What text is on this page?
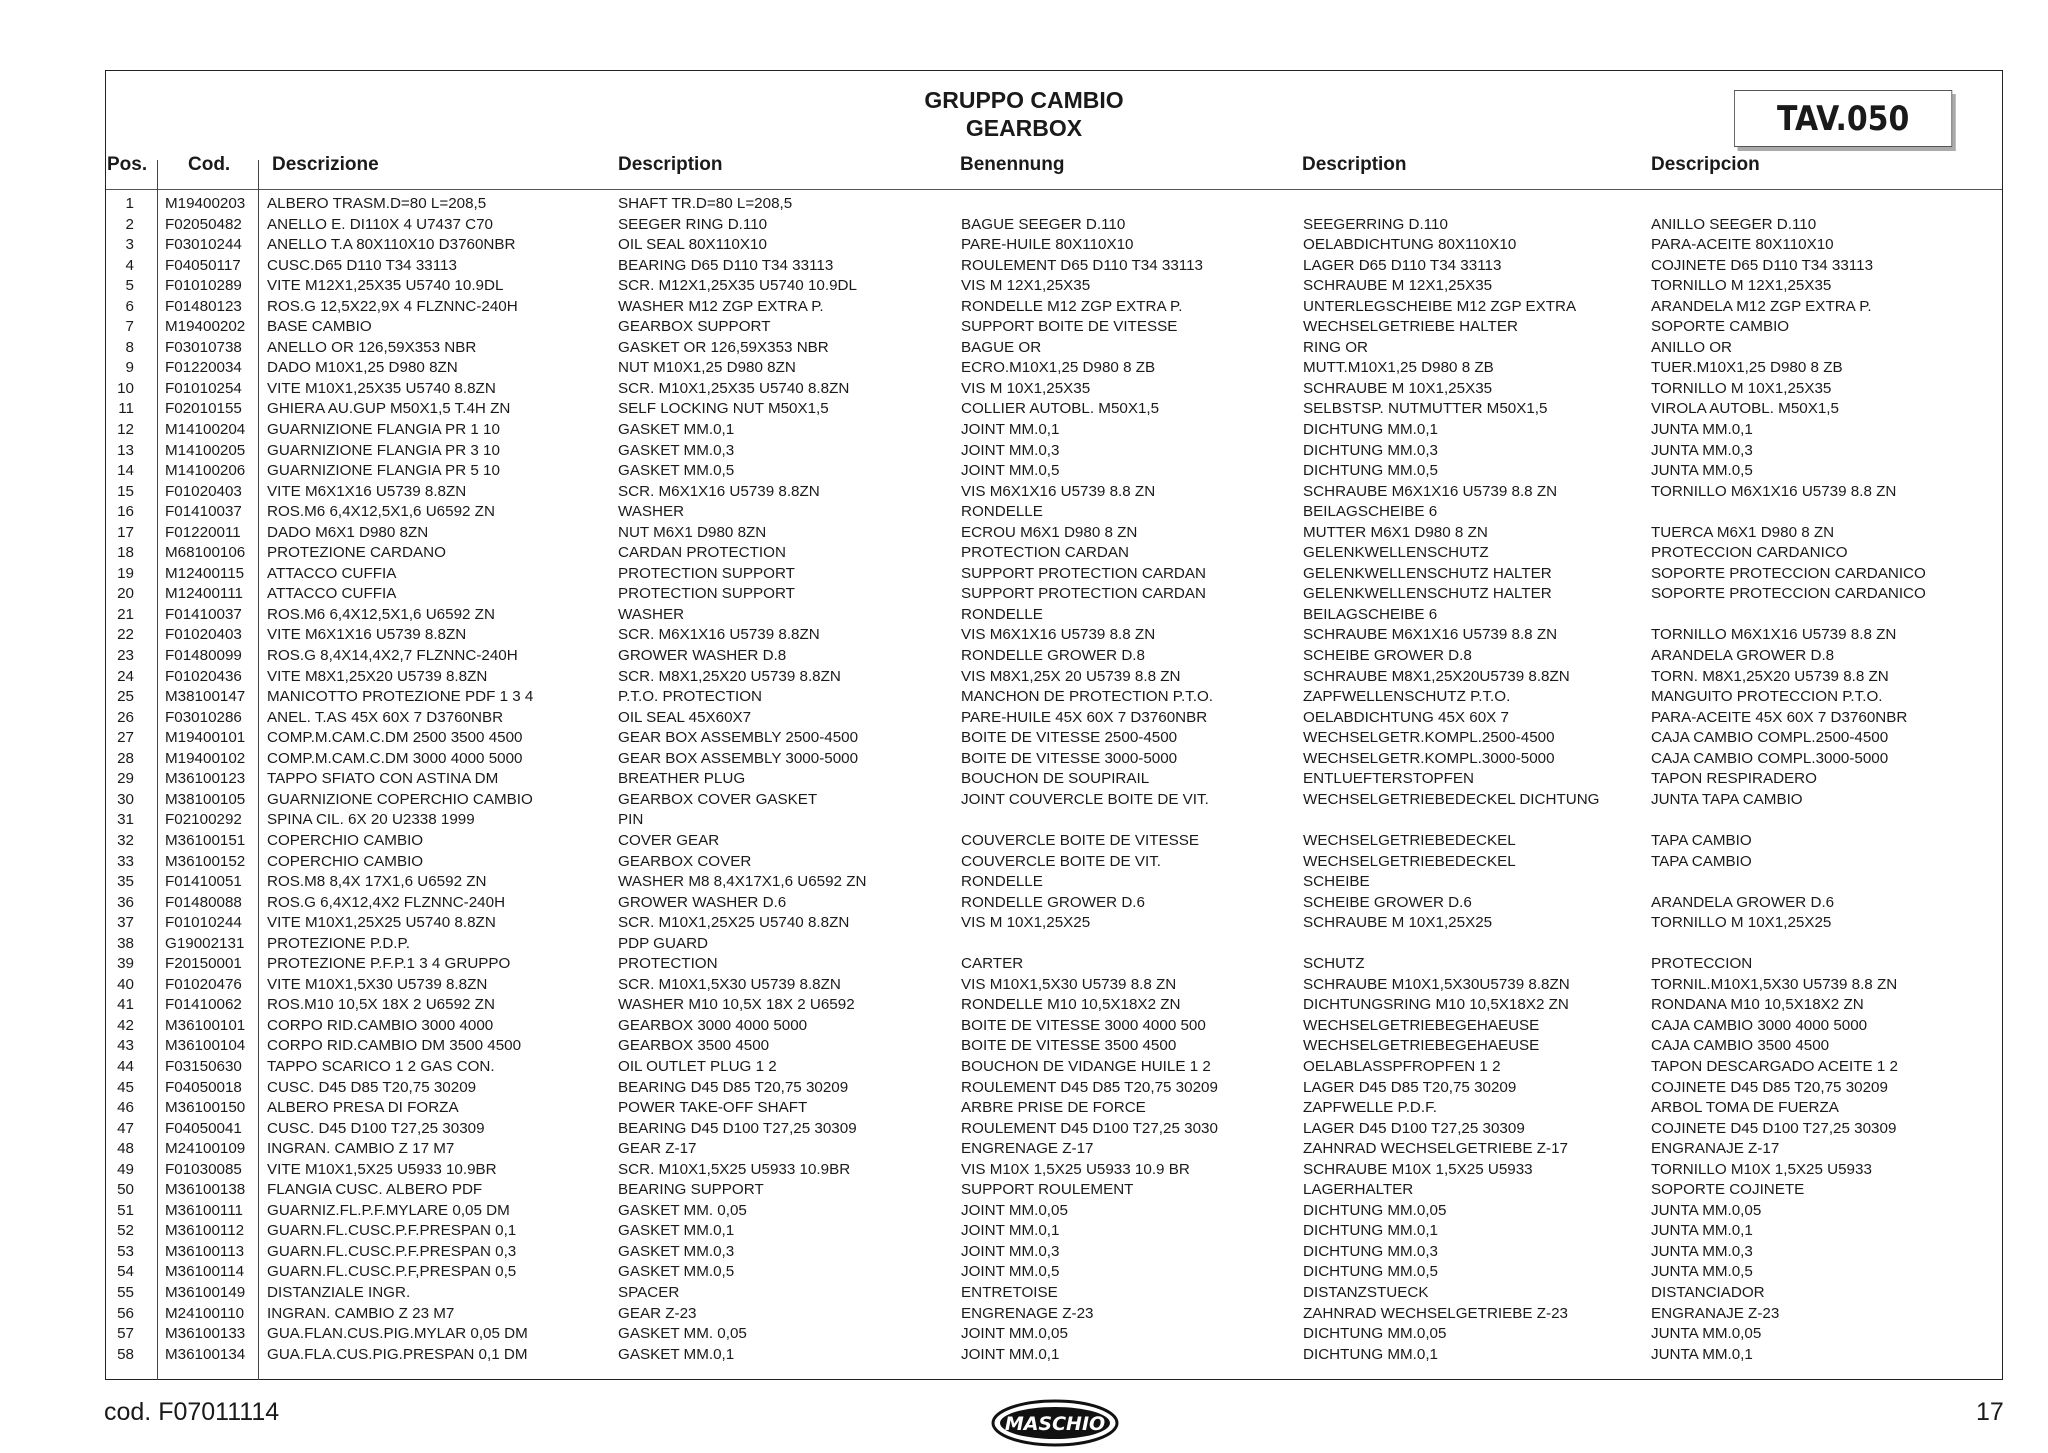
GRUPPO CAMBIO
GEARBOX	TAV.050
Pos. Cod. Descrizione	Description	Benennung	Description	Descripcion
1 M19400203 ALBERO TRASM.D=80 L=208,5	SHAFT TR.D=80 L=208,5
2 F02050482 ANELLO E. DI110X 4 U7437 C70	SEEGER RING D.110	BAGUE SEEGER D.110	SEEGERRING D.110	ANILLO SEEGER D.110
3 F03010244 ANELLO T.A 80X110X10 D3760NBR	OIL SEAL 80X110X10	PARE-HUILE 80X110X10	OELABDICHTUNG 80X110X10	PARA-ACEITE 80X110X10
4 F04050117 CUSC.D65 D110 T34 33113	BEARING D65 D110 T34 33113	ROULEMENT D65 D110 T34 33113	LAGER D65 D110 T34 33113	COJINETE D65 D110 T34 33113
5 F01010289 VITE M12X1,25X35 U5740 10.9DL	SCR. M12X1,25X35 U5740 10.9DL	VIS M 12X1,25X35	SCHRAUBE M 12X1,25X35	TORNILLO M 12X1,25X35
6 F01480123 ROS.G 12,5X22,9X 4 FLZNNC-240H	WASHER M12 ZGP EXTRA P.	RONDELLE M12 ZGP EXTRA P.	UNTERLEGSCHEIBE M12 ZGP EXTRA	ARANDELA M12 ZGP EXTRA P.
7 M19400202 BASE CAMBIO	GEARBOX SUPPORT	SUPPORT BOITE DE VITESSE	WECHSELGETRIEBE HALTER	SOPORTE CAMBIO
8 F03010738 ANELLO OR 126,59X353 NBR	GASKET OR 126,59X353 NBR	BAGUE OR	RING OR	ANILLO OR
9 F01220034 DADO M10X1,25 D980 8ZN	NUT M10X1,25 D980 8ZN	ECRO.M10X1,25 D980 8 ZB	MUTT.M10X1,25 D980 8 ZB	TUER.M10X1,25 D980 8 ZB
10 F01010254 VITE M10X1,25X35 U5740 8.8ZN	SCR. M10X1,25X35 U5740 8.8ZN	VIS M 10X1,25X35	SCHRAUBE M 10X1,25X35	TORNILLO M 10X1,25X35
11 F02010155 GHIERA AU.GUP M50X1,5 T.4H ZN	SELF LOCKING NUT M50X1,5	COLLIER AUTOBL. M50X1,5	SELBSTSP. NUTMUTTER M50X1,5	VIROLA AUTOBL. M50X1,5
12 M14100204 GUARNIZIONE FLANGIA PR 1 10	GASKET MM.0,1	JOINT MM.0,1	DICHTUNG MM.0,1	JUNTA MM.0,1
13 M14100205 GUARNIZIONE FLANGIA PR 3 10	GASKET MM.0,3	JOINT MM.0,3	DICHTUNG MM.0,3	JUNTA MM.0,3
14 M14100206 GUARNIZIONE FLANGIA PR 5 10	GASKET MM.0,5	JOINT MM.0,5	DICHTUNG MM.0,5	JUNTA MM.0,5
15 F01020403 VITE M6X1X16 U5739 8.8ZN	SCR. M6X1X16 U5739 8.8ZN	VIS M6X1X16 U5739 8.8 ZN	SCHRAUBE M6X1X16 U5739 8.8 ZN	TORNILLO M6X1X16 U5739 8.8 ZN
16 F01410037 ROS.M6 6,4X12,5X1,6 U6592 ZN	WASHER	RONDELLE	BEILAGSCHEIBE 6
17 F01220011 DADO M6X1 D980 8ZN	NUT M6X1 D980 8ZN	ECROU M6X1 D980 8 ZN	MUTTER M6X1 D980 8 ZN	TUERCA M6X1 D980 8 ZN
18 M68100106 PROTEZIONE CARDANO	CARDAN PROTECTION	PROTECTION CARDAN	GELENKWELLENSCHUTZ	PROTECCION CARDANICO
19 M12400115 ATTACCO CUFFIA	PROTECTION SUPPORT	SUPPORT PROTECTION CARDAN	GELENKWELLENSCHUTZ HALTER	SOPORTE PROTECCION CARDANICO
20 M12400111 ATTACCO CUFFIA	PROTECTION SUPPORT	SUPPORT PROTECTION CARDAN	GELENKWELLENSCHUTZ HALTER	SOPORTE PROTECCION CARDANICO
21 F01410037 ROS.M6 6,4X12,5X1,6 U6592 ZN	WASHER	RONDELLE	BEILAGSCHEIBE 6
22 F01020403 VITE M6X1X16 U5739 8.8ZN	SCR. M6X1X16 U5739 8.8ZN	VIS M6X1X16 U5739 8.8 ZN	SCHRAUBE M6X1X16 U5739 8.8 ZN	TORNILLO M6X1X16 U5739 8.8 ZN
23 F01480099 ROS.G 8,4X14,4X2,7 FLZNNC-240H	GROWER WASHER D.8	RONDELLE GROWER D.8	SCHEIBE GROWER D.8	ARANDELA GROWER D.8
24 F01020436 VITE M8X1,25X20 U5739 8.8ZN	SCR. M8X1,25X20 U5739 8.8ZN	VIS M8X1,25X 20 U5739 8.8 ZN	SCHRAUBE M8X1,25X20U5739 8.8ZN	TORN. M8X1,25X20 U5739 8.8 ZN
25 M38100147 MANICOTTO PROTEZIONE PDF 1 3 4	P.T.O. PROTECTION	MANCHON DE PROTECTION P.T.O.	ZAPFWELLENSCHUTZ P.T.O.	MANGUITO PROTECCION P.T.O.
26 F03010286 ANEL. T.AS 45X 60X 7 D3760NBR	OIL SEAL 45X60X7	PARE-HUILE 45X 60X 7 D3760NBR	OELABDICHTUNG 45X 60X 7	PARA-ACEITE 45X 60X 7 D3760NBR
27 M19400101 COMP.M.CAM.C.DM 2500 3500 4500	GEAR BOX ASSEMBLY 2500-4500	BOITE DE VITESSE 2500-4500	WECHSELGETR.KOMPL.2500-4500	CAJA CAMBIO COMPL.2500-4500
28 M19400102 COMP.M.CAM.C.DM 3000 4000 5000	GEAR BOX ASSEMBLY 3000-5000	BOITE DE VITESSE 3000-5000	WECHSELGETR.KOMPL.3000-5000	CAJA CAMBIO COMPL.3000-5000
29 M36100123 TAPPO SFIATO CON ASTINA DM	BREATHER PLUG	BOUCHON DE SOUPIRAIL	ENTLUEFTERSTOPFEN	TAPON RESPIRADERO
30 M38100105 GUARNIZIONE COPERCHIO CAMBIO	GEARBOX COVER GASKET	JOINT COUVERCLE BOITE DE VIT.	WECHSELGETRIEBEDECKEL DICHTUNG	JUNTA TAPA CAMBIO
31 F02100292 SPINA CIL. 6X 20 U2338 1999	PIN
32 M36100151 COPERCHIO CAMBIO	COVER GEAR	COUVERCLE BOITE DE VITESSE	WECHSELGETRIEBEDECKEL	TAPA CAMBIO
33 M36100152 COPERCHIO CAMBIO	GEARBOX COVER	COUVERCLE BOITE DE VIT.	WECHSELGETRIEBEDECKEL	TAPA CAMBIO
35 F01410051 ROS.M8 8,4X 17X1,6 U6592 ZN	WASHER M8 8,4X17X1,6 U6592 ZN	RONDELLE	SCHEIBE
36 F01480088 ROS.G 6,4X12,4X2 FLZNNC-240H	GROWER WASHER D.6	RONDELLE GROWER D.6	SCHEIBE GROWER D.6	ARANDELA GROWER D.6
37 F01010244 VITE M10X1,25X25 U5740 8.8ZN	SCR. M10X1,25X25 U5740 8.8ZN	VIS M 10X1,25X25	SCHRAUBE M 10X1,25X25	TORNILLO M 10X1,25X25
38 G19002131 PROTEZIONE P.D.P.	PDP GUARD
39 F20150001 PROTEZIONE P.F.P.1 3 4 GRUPPO	PROTECTION	CARTER	SCHUTZ	PROTECCION
40 F01020476 VITE M10X1,5X30 U5739 8.8ZN	SCR. M10X1,5X30 U5739 8.8ZN	VIS M10X1,5X30 U5739 8.8 ZN	SCHRAUBE M10X1,5X30U5739 8.8ZN	TORNIL.M10X1,5X30 U5739 8.8 ZN
41 F01410062 ROS.M10 10,5X 18X 2 U6592 ZN	WASHER M10 10,5X 18X 2 U6592	RONDELLE M10 10,5X18X2 ZN	DICHTUNGSRING M10 10,5X18X2 ZN	RONDANA M10 10,5X18X2 ZN
42 M36100101 CORPO RID.CAMBIO 3000 4000	GEARBOX 3000 4000 5000	BOITE DE VITESSE 3000 4000 500	WECHSELGETRIEBEGEHAEUSE	CAJA CAMBIO 3000 4000 5000
43 M36100104 CORPO RID.CAMBIO DM 3500 4500	GEARBOX 3500 4500	BOITE DE VITESSE 3500 4500	WECHSELGETRIEBEGEHAEUSE	CAJA CAMBIO 3500 4500
44 F03150630 TAPPO SCARICO 1 2 GAS CON.	OIL OUTLET PLUG 1 2	BOUCHON DE VIDANGE HUILE 1 2	OELABLASSPFROPFEN 1 2	TAPON DESCARGADO ACEITE 1 2
45 F04050018 CUSC. D45 D85 T20,75 30209	BEARING D45 D85 T20,75 30209	ROULEMENT D45 D85 T20,75 30209	LAGER D45 D85 T20,75 30209	COJINETE D45 D85 T20,75 30209
46 M36100150 ALBERO PRESA DI FORZA	POWER TAKE-OFF SHAFT	ARBRE PRISE DE FORCE	ZAPFWELLE P.D.F.	ARBOL TOMA DE FUERZA
47 F04050041 CUSC. D45 D100 T27,25 30309	BEARING D45 D100 T27,25 30309	ROULEMENT D45 D100 T27,25 3030	LAGER D45 D100 T27,25 30309	COJINETE D45 D100 T27,25 30309
48 M24100109 INGRAN. CAMBIO Z 17 M7	GEAR Z-17	ENGRENAGE Z-17	ZAHNRAD WECHSELGETRIEBE Z-17	ENGRANAJE Z-17
49 F01030085 VITE M10X1,5X25 U5933 10.9BR	SCR. M10X1,5X25 U5933 10.9BR	VIS M10X 1,5X25 U5933 10.9 BR	SCHRAUBE M10X 1,5X25 U5933	TORNILLO M10X 1,5X25 U5933
50 M36100138 FLANGIA CUSC. ALBERO PDF	BEARING SUPPORT	SUPPORT ROULEMENT	LAGERHALTER	SOPORTE COJINETE
51 M36100111 GUARNIZ.FL.P.F.MYLARE 0,05 DM	GASKET MM. 0,05	JOINT MM.0,05	DICHTUNG MM.0,05	JUNTA MM.0,05
52 M36100112 GUARN.FL.CUSC.P.F.PRESPAN 0,1	GASKET MM.0,1	JOINT MM.0,1	DICHTUNG MM.0,1	JUNTA MM.0,1
53 M36100113 GUARN.FL.CUSC.P.F.PRESPAN 0,3	GASKET MM.0,3	JOINT MM.0,3	DICHTUNG MM.0,3	JUNTA MM.0,3
54 M36100114 GUARN.FL.CUSC.P.F,PRESPAN 0,5	GASKET MM.0,5	JOINT MM.0,5	DICHTUNG MM.0,5	JUNTA MM.0,5
55 M36100149 DISTANZIALE INGR.	SPACER	ENTRETOISE	DISTANZSTUECK	DISTANCIADOR
56 M24100110 INGRAN. CAMBIO Z 23 M7	GEAR Z-23	ENGRENAGE Z-23	ZAHNRAD WECHSELGETRIEBE Z-23	ENGRANAJE Z-23
57 M36100133 GUA.FLAN.CUS.PIG.MYLAR 0,05 DM	GASKET MM. 0,05	JOINT MM.0,05	DICHTUNG MM.0,05	JUNTA MM.0,05
58 M36100134 GUA.FLA.CUS.PIG.PRESPAN 0,1 DM	GASKET MM.0,1	JOINT MM.0,1	DICHTUNG MM.0,1	JUNTA MM.0,1
cod. F07011114	17
MASCHIO
